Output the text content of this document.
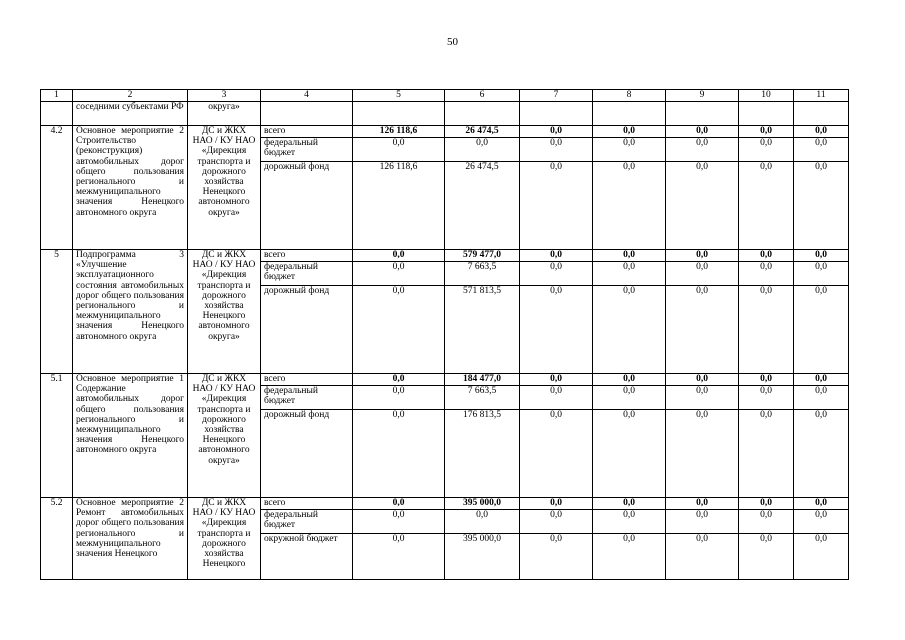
50
1	2	3	4	5	6	7	8	9	10	11
	соседними субъектами РФ	округа»								
4.2	Основное мероприятие 2 Строительство (реконструкция) автомобильных дорог общего пользования регионального и межмуниципального значения Ненецкого автономного округа	ДС и ЖКХ НАО / КУ НАО «Дирекция транспорта и дорожного хозяйства Ненецкого автономного округа»	всего	126 118,6	26 474,5	0,0	0,0	0,0	0,0	0,0
			федеральный бюджет	0,0	0,0	0,0	0,0	0,0	0,0	0,0
			дорожный фонд	126 118,6	26 474,5	0,0	0,0	0,0	0,0	0,0
5	Подпрограмма 3 «Улучшение эксплуатационного состояния автомобильных дорог общего пользования регионального и межмуниципального значения Ненецкого автономного округа	ДС и ЖКХ НАО / КУ НАО «Дирекция транспорта и дорожного хозяйства Ненецкого автономного округа»	всего	0,0	579 477,0	0,0	0,0	0,0	0,0	0,0
			федеральный бюджет	0,0	7 663,5	0,0	0,0	0,0	0,0	0,0
			дорожный фонд	0,0	571 813,5	0,0	0,0	0,0	0,0	0,0
5.1	Основное мероприятие 1 Содержание автомобильных дорог общего пользования регионального и межмуниципального значения Ненецкого автономного округа	ДС и ЖКХ НАО / КУ НАО «Дирекция транспорта и дорожного хозяйства Ненецкого автономного округа»	всего	0,0	184 477,0	0,0	0,0	0,0	0,0	0,0
			федеральный бюджет	0,0	7 663,5	0,0	0,0	0,0	0,0	0,0
			дорожный фонд	0,0	176 813,5	0,0	0,0	0,0	0,0	0,0
5.2	Основное мероприятие 2 Ремонт автомобильных дорог общего пользования регионального и межмуниципального значения Ненецкого	ДС и ЖКХ НАО / КУ НАО «Дирекция транспорта и дорожного хозяйства Ненецкого	всего	0,0	395 000,0	0,0	0,0	0,0	0,0	0,0
			федеральный бюджет	0,0	0,0	0,0	0,0	0,0	0,0	0,0
			окружной бюджет	0,0	395 000,0	0,0	0,0	0,0	0,0	0,0
